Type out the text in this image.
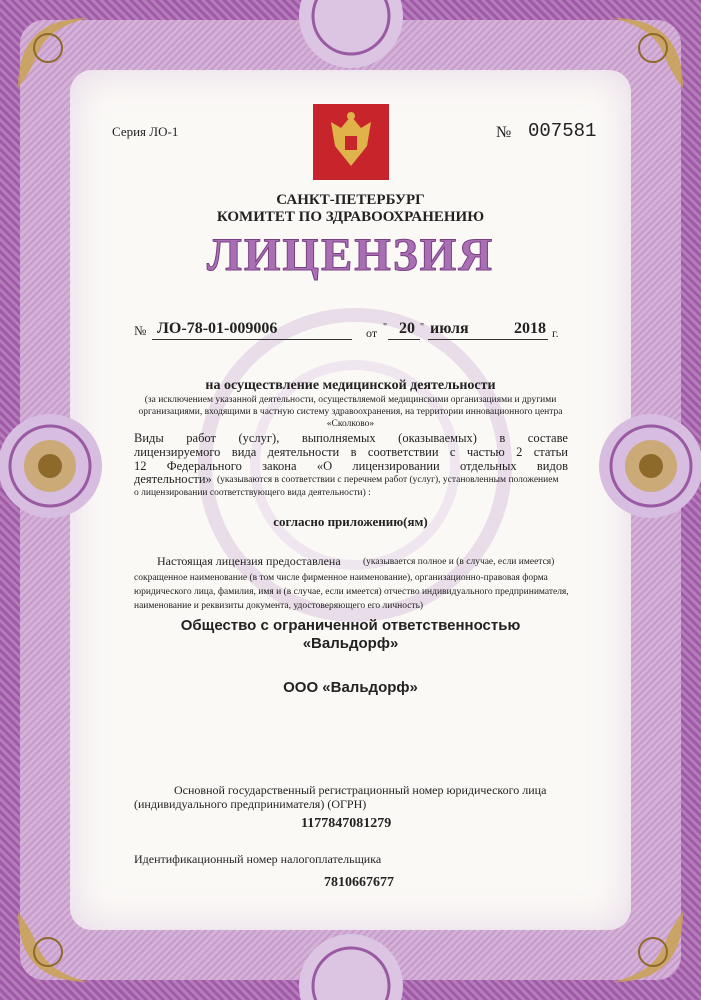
Серия ЛО-1	№ 007581
САНКТ-ПЕТЕРБУРГ
КОМИТЕТ ПО ЗДРАВООХРАНЕНИЮ
ЛИЦЕНЗИЯ
№ ЛО-78-01-009006	от " 20 " июля	2018 г.
на осуществление медицинской деятельности
(за исключением указанной деятельности, осуществляемой медицинскими организациями и другими
организациями, входящими в частную систему здравоохранения, на территории инновационного центра
«Сколково»
Виды работ (услуг), выполняемых (оказываемых) в составе
лицензируемого вида деятельности в соответствии с частью 2 статьи
12 Федерального закона «О лицензировании отдельных видов
деятельности» (указываются в соответствии с перечнем работ (услуг), установленным положением
о лицензировании соответствующего вида деятельности) :
согласно приложению(ям)
Настоящая лицензия предоставлена (указывается полное и (в случае, если имеется)
сокращенное наименование (в том числе фирменное наименование), организационно-правовая форма
юридического лица, фамилия, имя и (в случае, если имеется) отчество индивидуального предпринимателя,
наименование и реквизиты документа, удостоверяющего его личность)
Общество с ограниченной ответственностью
«Вальдорф»
ООО «Вальдорф»
Основной государственный регистрационный номер юридического лица
(индивидуального предпринимателя) (ОГРН)
1177847081279
Идентификационный номер налогоплательщика
7810667677
